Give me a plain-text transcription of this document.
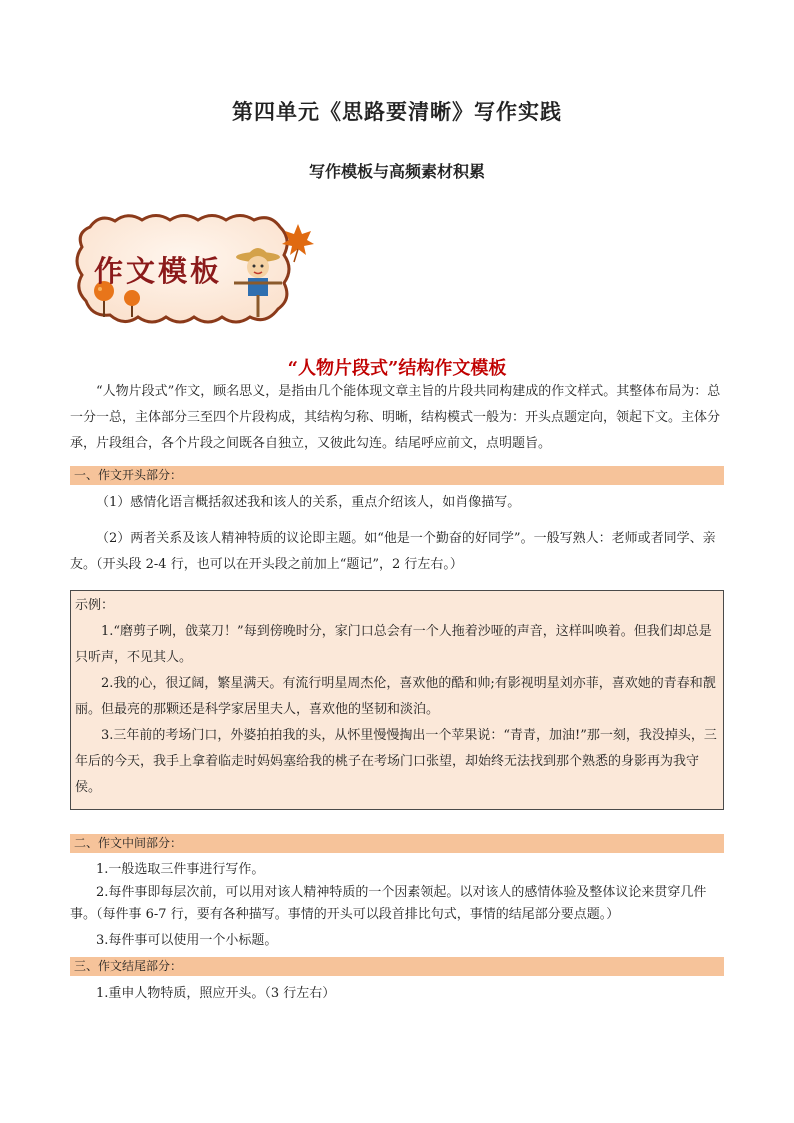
第四单元《思路要清晰》写作实践
写作模板与高频素材积累
作文模板
“人物片段式”结构作文模板
“人物片段式”作文，顾名思义，是指由几个能体现文章主旨的片段共同构建成的作文样式。其整体布局为：总一分一总，主体部分三至四个片段构成，其结构匀称、明晰，结构模式一般为：开头点题定向，领起下文。主体分承，片段组合，各个片段之间既各自独立，又彼此勾连。结尾呼应前文，点明题旨。
一、作文开头部分：
（1）感情化语言概括叙述我和该人的关系，重点介绍该人，如肖像描写。
（2）两者关系及该人精神特质的议论即主题。如“他是一个勤奋的好同学”。一般写熟人：老师或者同学、亲友。（开头段 2-4 行，也可以在开头段之前加上“题记”，2 行左右。）

示例：

1.“磨剪子咧，戗菜刀！”每到傍晚时分，家门口总会有一个人拖着沙哑的声音，这样叫唤着。但我们却总是只听声，不见其人。

2.我的心，很辽阔，繁星满天。有流行明星周杰伦，喜欢他的酷和帅;有影视明星刘亦菲，喜欢她的青春和靓丽。但最亮的那颗还是科学家居里夫人，喜欢他的坚韧和淡泊。

3.三年前的考场门口，外婆拍拍我的头，从怀里慢慢掏出一个苹果说：“青青，加油!”那一刻，我没掉头，三年后的今天，我手上拿着临走时妈妈塞给我的桃子在考场门口张望，却始终无法找到那个熟悉的身影再为我守侯。

二、作文中间部分：
1.一般选取三件事进行写作。
2.每件事即每层次前，可以用对该人精神特质的一个因素领起。以对该人的感情体验及整体议论来贯穿几件事。（每件事 6-7 行，要有各种描写。事情的开头可以段首排比句式，事情的结尾部分要点题。）
3.每件事可以使用一个小标题。
三、作文结尾部分：
1.重申人物特质，照应开头。（3 行左右）
